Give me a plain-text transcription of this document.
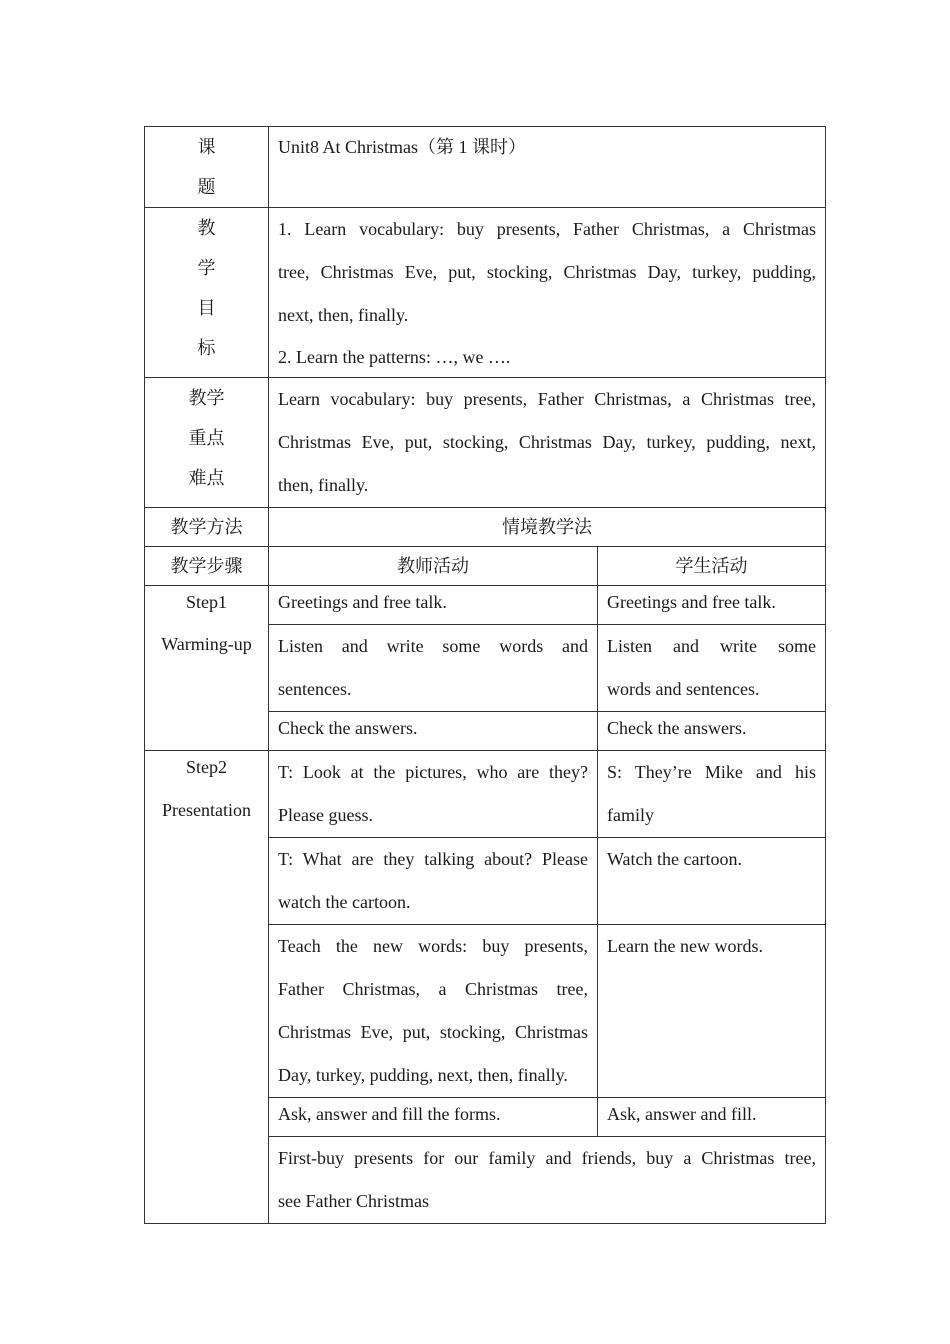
课
题	Unit8 At Christmas（第 1 课时）	

教
学
目
标	1. Learn vocabulary: buy presents, Father Christmas, a Christmas
tree, Christmas Eve, put, stocking, Christmas Day, turkey, pudding,
next, then, finally.
2. Learn the patterns: …, we ….	

教学
重点
难点	Learn vocabulary: buy presents, Father Christmas, a Christmas tree,
Christmas Eve, put, stocking, Christmas Day, turkey, pudding, next,
then, finally.	

教学方法	情境教学法	
教学步骤	教师活动	学生活动

Step1
Warming-up	Greetings and free talk.	Greetings and free talk.

	Listen and write some words and
sentences.	Listen and write some
words and sentences.

	Check the answers.	Check the answers.

Step2
Presentation	T: Look at the pictures, who are they?
Please guess.	S: They’re Mike and his
family

	T: What are they talking about? Please
watch the cartoon.	Watch the cartoon.

	Teach the new words: buy presents,
Father Christmas, a Christmas tree,
Christmas Eve, put, stocking, Christmas
Day, turkey, pudding, next, then, finally.	Learn the new words.
	Ask, answer and fill the forms.	Ask, answer and fill.

	First-buy presents for our family and friends, buy a Christmas tree,
see Father Christmas	
